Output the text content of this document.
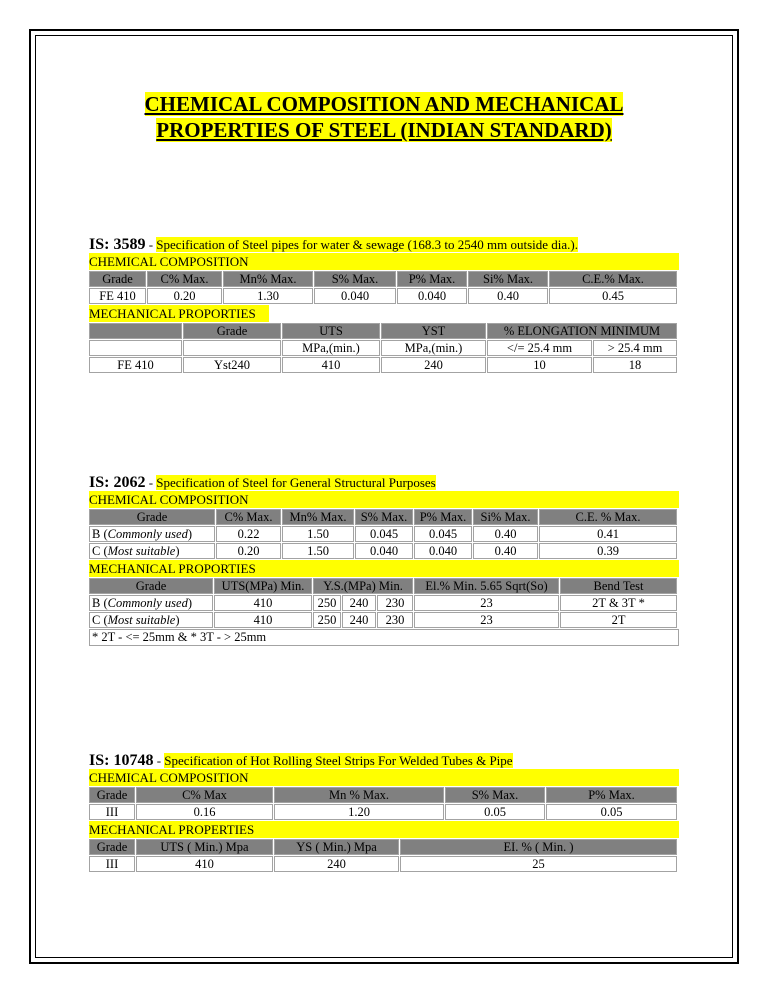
CHEMICAL COMPOSITION AND MECHANICAL
PROPERTIES OF STEEL (INDIAN STANDARD)
IS: 3589 - Specification of Steel pipes for water & sewage (168.3 to 2540 mm outside dia.).
CHEMICAL COMPOSITION
Grade	C% Max.	Mn% Max.	S% Max.	P% Max.	Si% Max.	C.E.% Max.
FE 410	0.20	1.30	0.040	0.040	0.40	0.45
MECHANICAL PROPORTIES
	Grade	UTS	YST	% ELONGATION MINIMUM	
		MPa,(min.)	MPa,(min.)	</= 25.4 mm	> 25.4 mm
FE 410	Yst240	410	240	10	18
IS: 2062 - Specification of Steel for General Structural Purposes
CHEMICAL COMPOSITION
Grade	C% Max.	Mn% Max.	S% Max.	P% Max.	Si% Max.	C.E. % Max.
B (Commonly used)	0.22	1.50	0.045	0.045	0.40	0.41
C (Most suitable)	0.20	1.50	0.040	0.040	0.40	0.39
MECHANICAL PROPORTIES
Grade	UTS(MPa) Min.	Y.S.(MPa) Min.			El.% Min. 5.65 Sqrt(So)	Bend Test
B (Commonly used)	410	250	240	230	23	2T & 3T *
C (Most suitable)	410	250	240	230	23	2T
* 2T - <= 25mm & * 3T - > 25mm
IS: 10748 - Specification of Hot Rolling Steel Strips For Welded Tubes & Pipe
CHEMICAL COMPOSITION
Grade	C% Max	Mn % Max.	S% Max.	P% Max.
III	0.16	1.20	0.05	0.05
MECHANICAL PROPERTIES
Grade	UTS ( Min.) Mpa	YS ( Min.) Mpa	EI. % ( Min. )
III	410	240	25
